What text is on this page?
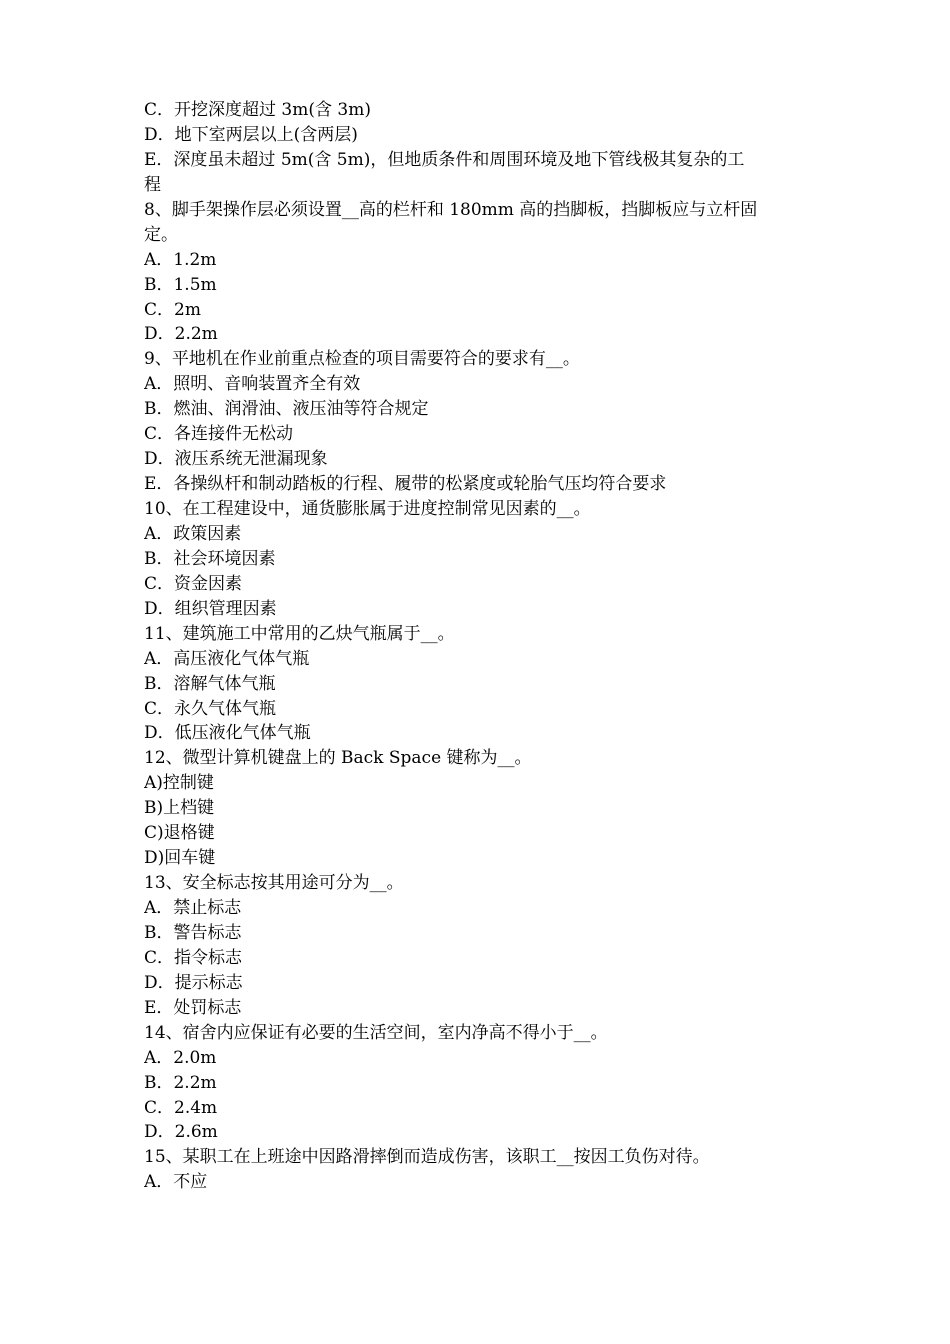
C．开挖深度超过 3m(含 3m)
D．地下室两层以上(含两层)
E．深度虽未超过 5m(含 5m)，但地质条件和周围环境及地下管线极其复杂的工
程
8、脚手架操作层必须设置__高的栏杆和 180mm 高的挡脚板，挡脚板应与立杆固
定。
A．1.2m
B．1.5m
C．2m
D．2.2m
9、平地机在作业前重点检查的项目需要符合的要求有__。
A．照明、音响装置齐全有效
B．燃油、润滑油、液压油等符合规定
C．各连接件无松动
D．液压系统无泄漏现象
E．各操纵杆和制动踏板的行程、履带的松紧度或轮胎气压均符合要求
10、在工程建设中，通货膨胀属于进度控制常见因素的__。
A．政策因素
B．社会环境因素
C．资金因素
D．组织管理因素
11、建筑施工中常用的乙炔气瓶属于__。
A．高压液化气体气瓶
B．溶解气体气瓶
C．永久气体气瓶
D．低压液化气体气瓶
12、微型计算机键盘上的 Back Space 键称为__。
A)控制键
B)上档键
C)退格键
D)回车键
13、安全标志按其用途可分为__。
A．禁止标志
B．警告标志
C．指令标志
D．提示标志
E．处罚标志
14、宿舍内应保证有必要的生活空间，室内净高不得小于__。
A．2.0m
B．2.2m
C．2.4m
D．2.6m
15、某职工在上班途中因路滑摔倒而造成伤害，该职工__按因工负伤对待。
A．不应
